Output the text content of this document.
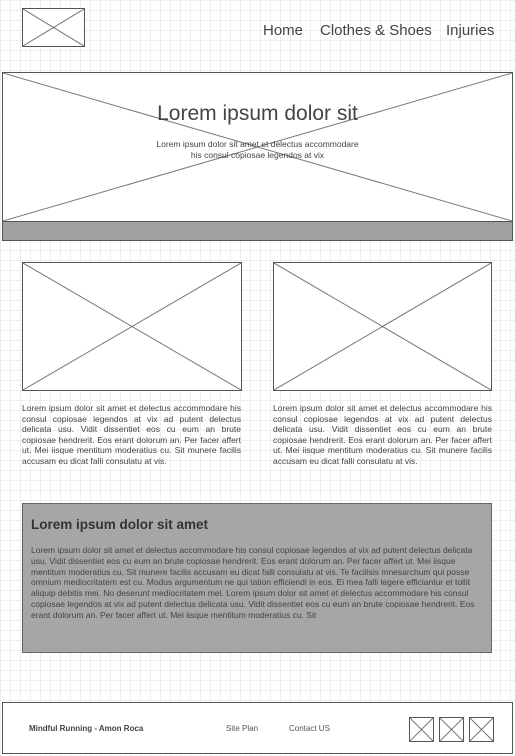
Home Clothes & Shoes Injuries
Lorem ipsum dolor sit
Lorem ipsum dolor sit amet et delectus accommodare his consul copiosae legendos at vix
Lorem ipsum dolor sit amet et delectus accommodare his consul copiosae legendos at vix ad putent delectus delicata usu. Vidit dissentiet eos cu eum an brute copiosae hendrerit. Eos erant dolorum an. Per facer affert ut. Mei iisque mentitum moderatius cu. Sit munere facilis accusam eu dicat falli consulatu at vis.
Lorem ipsum dolor sit amet et delectus accommodare his consul copiosae legendos at vix ad putent delectus delicata usu. Vidit dissentiet eos cu eum an brute copiosae hendrerit. Eos erant dolorum an. Per facer affert ut. Mei iisque mentitum moderatius cu. Sit munere facilis accusam eu dicat falli consulatu at vis.
Lorem ipsum dolor sit amet
Lorem ipsum dolor sit amet et delectus accommodare his consul copiosae legendos at vix ad putent delectus delicata usu. Vidit dissentiet eos cu eum an brute copiosae hendrerit. Eos erant dolorum an. Per facer affert ut. Mei iisque mentitum moderatius cu. Sit munere facilis accusam eu dicat falli consulatu at vis. Te facilisis mnesarchum qui posse omnium mediocritatem est cu. Modus argumentum ne qui tation efficiendi in eos. Ei mea falli legere efficiantur et tollit aliquip debitis mei. No deserunt mediocritatem mel. Lorem ipsum dolor sit amet et delectus accommodare his consul copiosae legendos at vix ad putent delectus delicata usu. Vidit dissentiet eos cu eum an brute copiosae hendrerit. Eos erant dolorum an. Per facer affert ut. Mei iisque mentitum moderatius cu. Sit
Mindful Running - Amon Roca	Site Plan	Contact US
